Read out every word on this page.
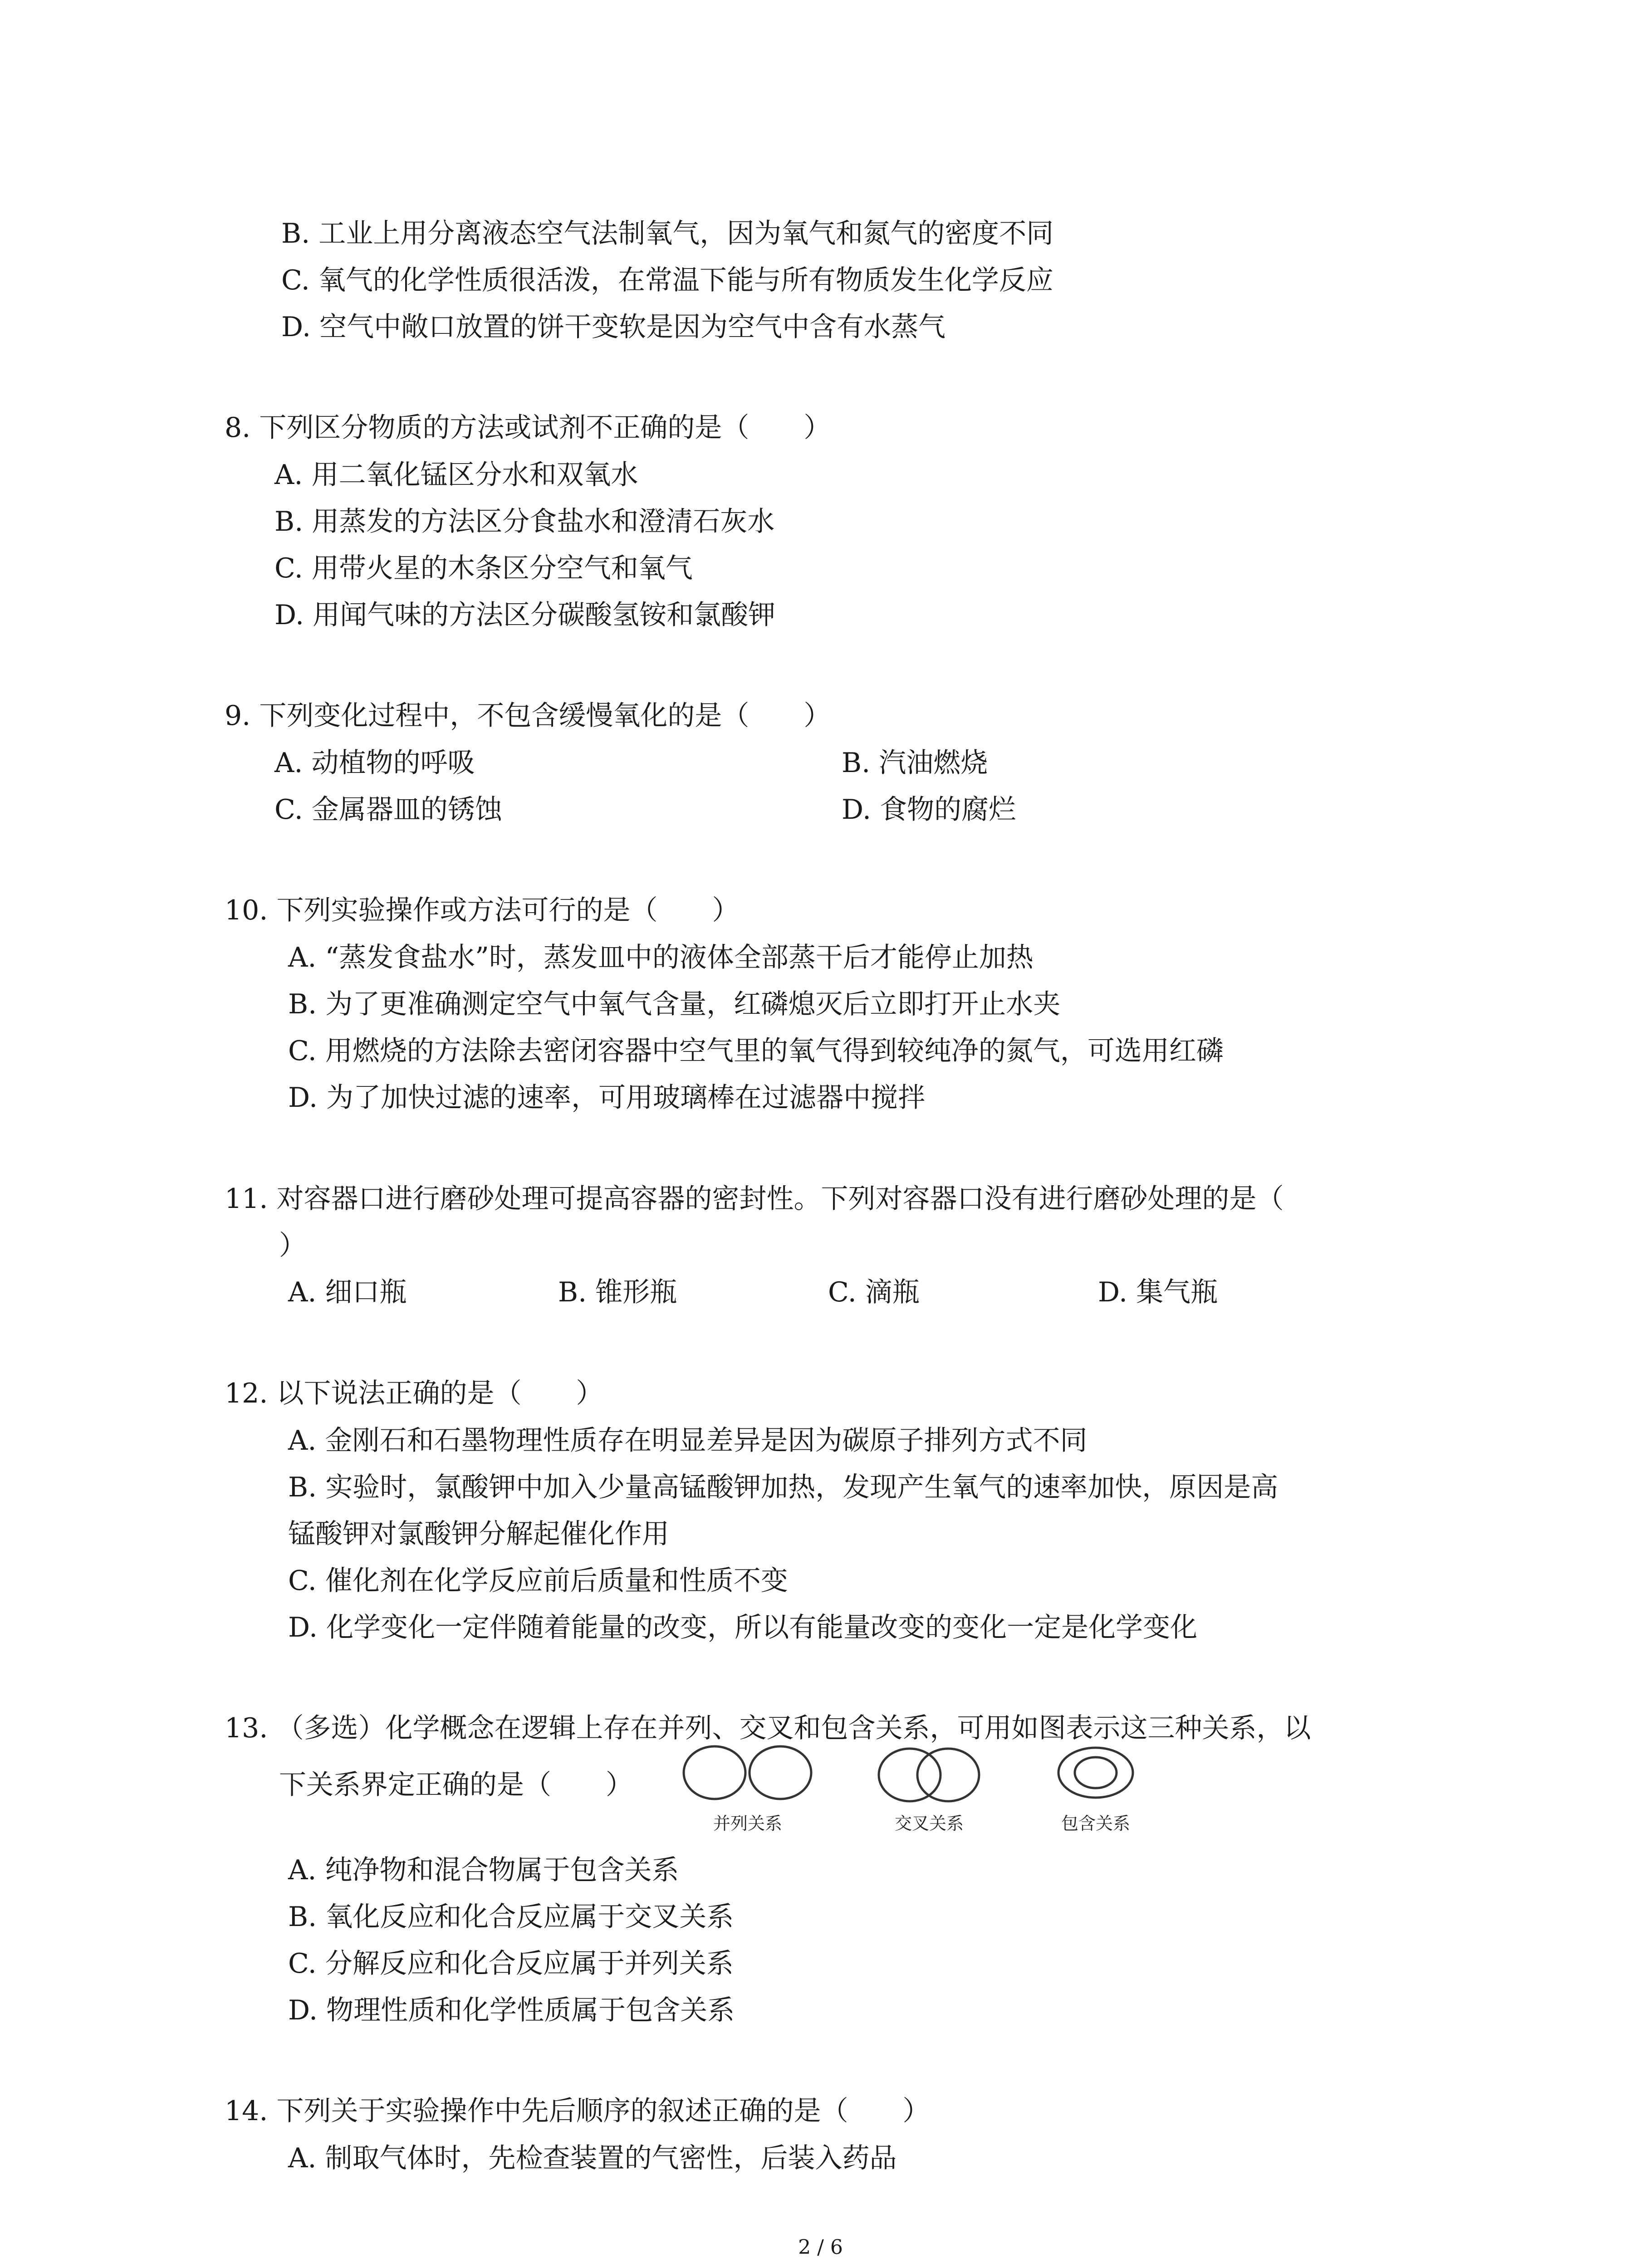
B. 工业上用分离液态空气法制氧气，因为氧气和氮气的密度不同
C. 氧气的化学性质很活泼，在常温下能与所有物质发生化学反应
D. 空气中敞口放置的饼干变软是因为空气中含有水蒸气
8. 下列区分物质的方法或试剂不正确的是（　　）
A. 用二氧化锰区分水和双氧水
B. 用蒸发的方法区分食盐水和澄清石灰水
C. 用带火星的木条区分空气和氧气
D. 用闻气味的方法区分碳酸氢铵和氯酸钾
9. 下列变化过程中，不包含缓慢氧化的是（　　）
A. 动植物的呼吸	B. 汽油燃烧
C. 金属器皿的锈蚀	D. 食物的腐烂
10. 下列实验操作或方法可行的是（　　）
A. “蒸发食盐水”时，蒸发皿中的液体全部蒸干后才能停止加热
B. 为了更准确测定空气中氧气含量，红磷熄灭后立即打开止水夹
C. 用燃烧的方法除去密闭容器中空气里的氧气得到较纯净的氮气，可选用红磷
D. 为了加快过滤的速率，可用玻璃棒在过滤器中搅拌
11. 对容器口进行磨砂处理可提高容器的密封性。下列对容器口没有进行磨砂处理的是（
）
A. 细口瓶	B. 锥形瓶	C. 滴瓶	D. 集气瓶
12. 以下说法正确的是（　　）
A. 金刚石和石墨物理性质存在明显差异是因为碳原子排列方式不同
B. 实验时，氯酸钾中加入少量高锰酸钾加热，发现产生氧气的速率加快，原因是高
锰酸钾对氯酸钾分解起催化作用
C. 催化剂在化学反应前后质量和性质不变
D. 化学变化一定伴随着能量的改变，所以有能量改变的变化一定是化学变化
13. （多选）化学概念在逻辑上存在并列、交叉和包含关系，可用如图表示这三种关系，以
下关系界定正确的是（　　）
并列关系	交叉关系	包含关系
A. 纯净物和混合物属于包含关系
B. 氧化反应和化合反应属于交叉关系
C. 分解反应和化合反应属于并列关系
D. 物理性质和化学性质属于包含关系
14. 下列关于实验操作中先后顺序的叙述正确的是（　　）
A. 制取气体时，先检查装置的气密性，后装入药品
2 / 6
